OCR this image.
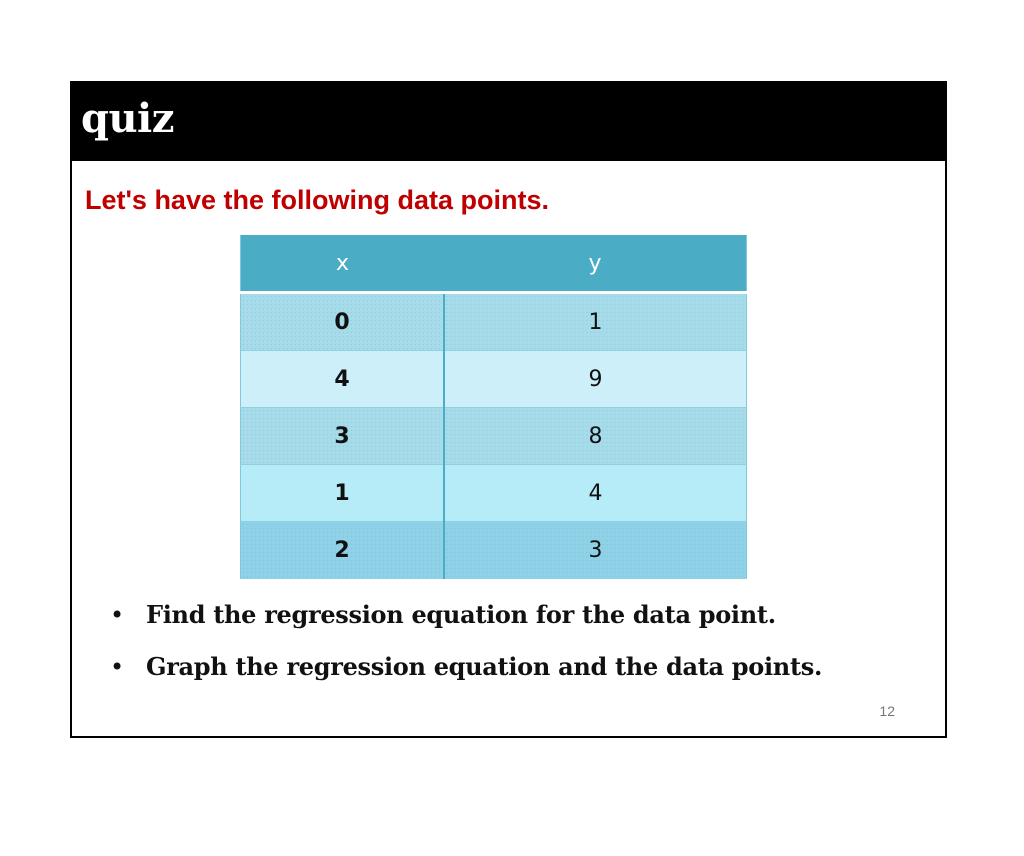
quiz
Let's have the following data points.
x	y
0	1
4	9
3	8
1	4
2	3
• Find the regression equation for the data point.
• Graph the regression equation and the data points.
12
